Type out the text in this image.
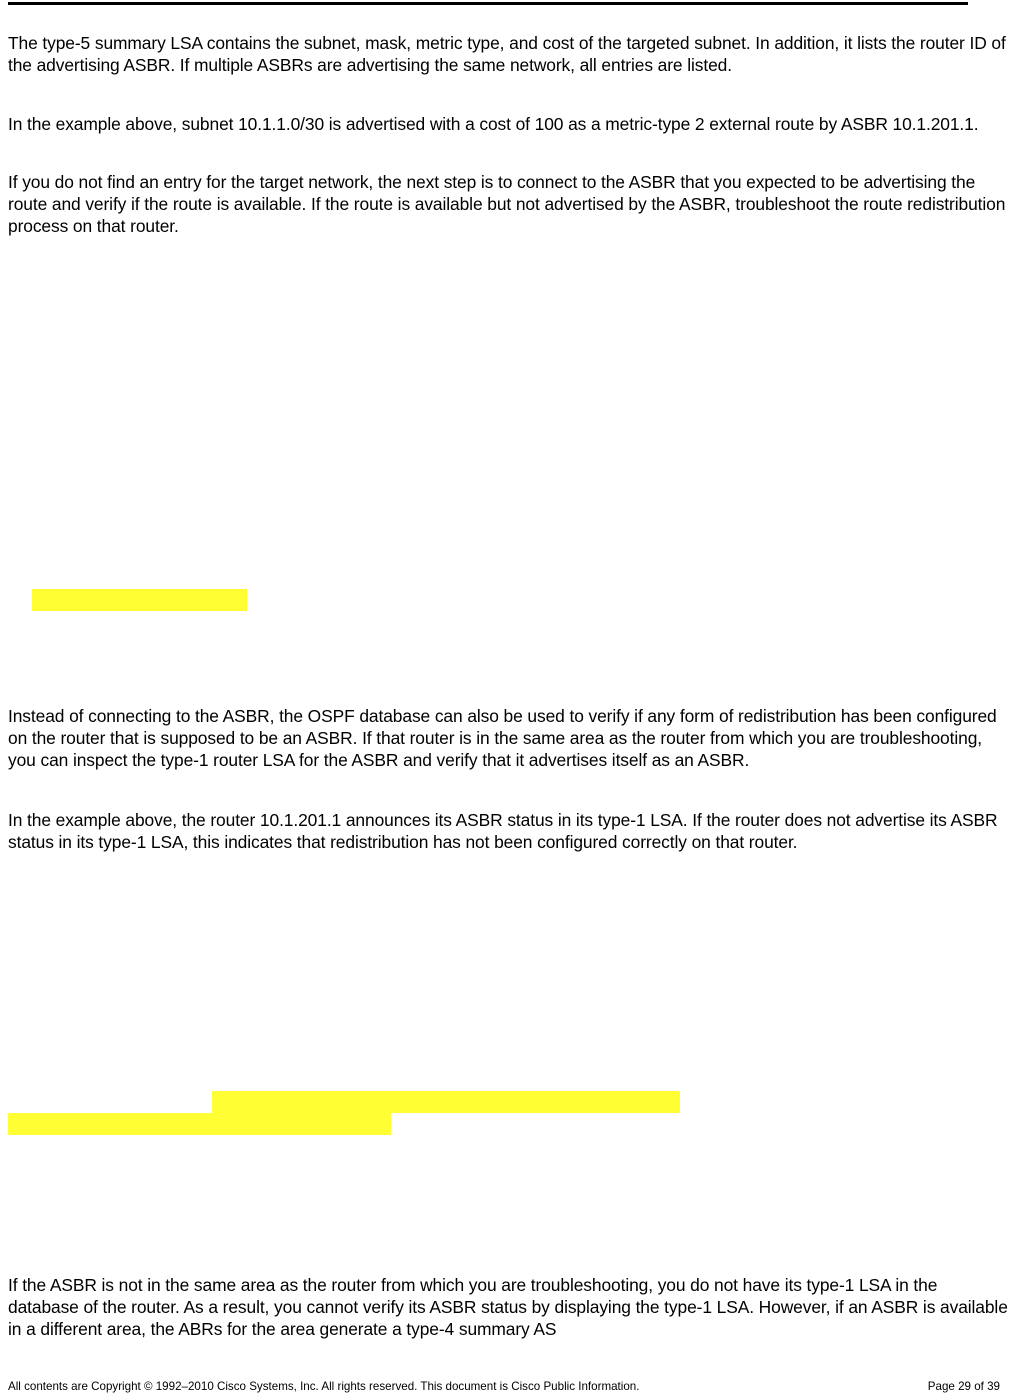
The type-5 summary LSA contains the subnet, mask, metric type, and cost of the targeted subnet. In addition, it lists the router ID of the advertising ASBR. If multiple ASBRs are advertising the same network, all entries are listed.

In the example above, subnet 10.1.1.0/30 is advertised with a cost of 100 as a metric-type 2 external route by ASBR 10.1.201.1.

If you do not find an entry for the target network, the next step is to connect to the ASBR that you expected to be advertising the route and verify if the route is available. If the route is available but not advertised by the ASBR, troubleshoot the route redistribution process on that router.

Instead of connecting to the ASBR, the OSPF database can also be used to verify if any form of redistribution has been configured on the router that is supposed to be an ASBR. If that router is in the same area as the router from which you are troubleshooting, you can inspect the type-1 router LSA for the ASBR and verify that it advertises itself as an ASBR.

In the example above, the router 10.1.201.1 announces its ASBR status in its type-1 LSA. If the router does not advertise its ASBR status in its type-1 LSA, this indicates that redistribution has not been configured correctly on that router.

If the ASBR is not in the same area as the router from which you are troubleshooting, you do not have its type-1 LSA in the database of the router. As a result, you cannot verify its ASBR status by displaying the type-1 LSA. However, if an ASBR is available in a different area, the ABRs for the area generate a type-4 summary AS

All contents are Copyright © 1992–2010 Cisco Systems, Inc. All rights reserved. This document is Cisco Public Information.	Page 29 of 39
